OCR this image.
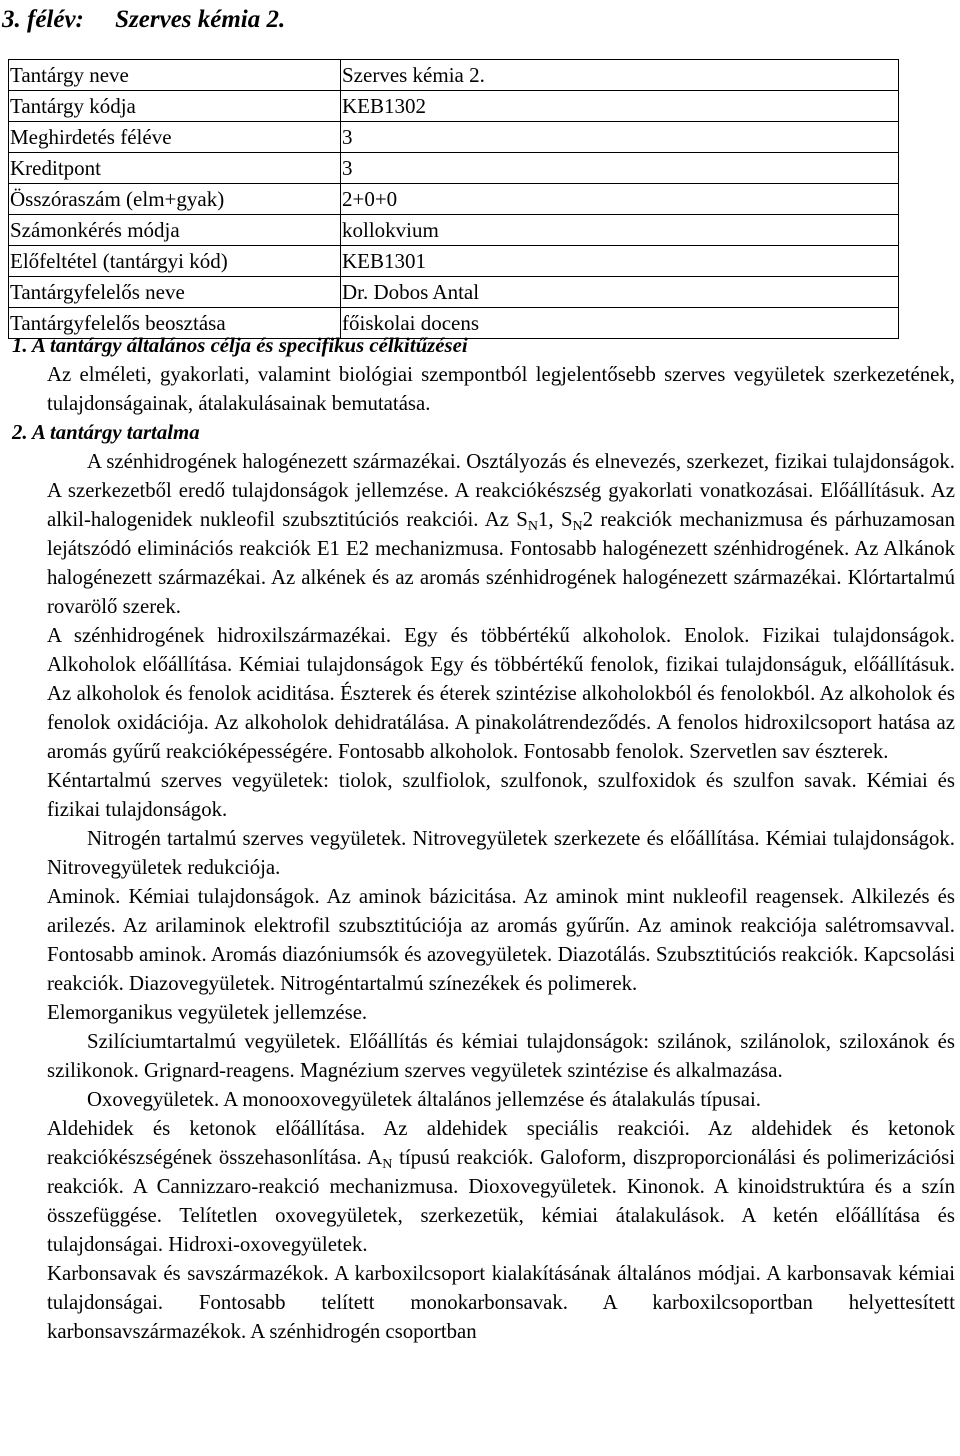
3. félév:     Szerves kémia 2.
Tantárgy neve	Szerves kémia 2.
Tantárgy kódja	KEB1302
Meghirdetés féléve	3
Kreditpont	3
Összóraszám (elm+gyak)	2+0+0
Számonkérés módja	kollokvium
Előfeltétel (tantárgyi kód)	KEB1301
Tantárgyfelelős neve	Dr. Dobos Antal
Tantárgyfelelős beosztása	főiskolai docens

1. A tantárgy általános célja és specifikus célkitűzései

Az elméleti, gyakorlati, valamint biológiai szempontból legjelentősebb szerves vegyületek szerkezetének, tulajdonságainak, átalakulásainak bemutatása.

2. A tantárgy tartalma

A szénhidrogének halogénezett származékai. Osztályozás és elnevezés, szerkezet, fizikai tulajdonságok. A szerkezetből eredő tulajdonságok jellemzése. A reakciókészség gyakorlati vonatkozásai. Előállításuk. Az alkil-halogenidek nukleofil szubsztitúciós reakciói. Az $S_N1$, $S_N2$ reakciók mechanizmusa és párhuzamosan lejátszódó eliminációs reakciók E1 E2 mechanizmusa. Fontosabb halogénezett szénhidrogének. Az Alkánok halogénezett származékai. Az alkének és az aromás szénhidrogének halogénezett származékai. Klórtartalmú rovarölő szerek.

A szénhidrogének hidroxilszármazékai. Egy és többértékű alkoholok. Enolok. Fizikai tulajdonságok. Alkoholok előállítása. Kémiai tulajdonságok Egy és többértékű fenolok, fizikai tulajdonságuk, előállításuk. Az alkoholok és fenolok aciditása. Észterek és éterek szintézise alkoholokból és fenolokból. Az alkoholok és fenolok oxidációja. Az alkoholok dehidratálása. A pinakolátrendeződés. A fenolos hidroxilcsoport hatása az aromás gyűrű reakcióképességére. Fontosabb alkoholok. Fontosabb fenolok. Szervetlen sav észterek.

Kéntartalmú szerves vegyületek: tiolok, szulfiolok, szulfonok, szulfoxidok és szulfon savak. Kémiai és fizikai tulajdonságok.

Nitrogén tartalmú szerves vegyületek. Nitrovegyületek szerkezete és előállítása. Kémiai tulajdonságok. Nitrovegyületek redukciója.

Aminok. Kémiai tulajdonságok. Az aminok bázicitása. Az aminok mint nukleofil reagensek. Alkilezés és arilezés. Az arilaminok elektrofil szubsztitúciója az aromás gyűrűn. Az aminok reakciója salétromsavval. Fontosabb aminok. Aromás diazóniumsók és azovegyületek. Diazotálás. Szubsztitúciós reakciók. Kapcsolási reakciók. Diazovegyületek. Nitrogéntartalmú színezékek és polimerek.

Elemorganikus vegyületek jellemzése.

Szilíciumtartalmú vegyületek. Előállítás és kémiai tulajdonságok: szilánok, szilánolok, sziloxánok és szilikonok. Grignard-reagens. Magnézium szerves vegyületek szintézise és alkalmazása.

Oxovegyületek. A monooxovegyületek általános jellemzése és átalakulás típusai.

Aldehidek és ketonok előállítása. Az aldehidek speciális reakciói. Az aldehidek és ketonok reakciókészségének összehasonlítása. $A_N$ típusú reakciók. Galoform, diszproporcionálási és polimerizációsi reakciók. A Cannizzaro-reakció mechanizmusa. Dioxovegyületek. Kinonok. A kinoidstruktúra és a szín összefüggése. Telítetlen oxovegyületek, szerkezetük, kémiai átalakulások. A ketén előállítása és tulajdonságai. Hidroxi-oxovegyületek.

Karbonsavak és savszármazékok. A karboxilcsoport kialakításának általános módjai. A karbonsavak kémiai tulajdonságai. Fontosabb telített monokarbonsavak. A karboxilcsoportban helyettesített karbonsavszármazékok. A szénhidrogén csoportban
